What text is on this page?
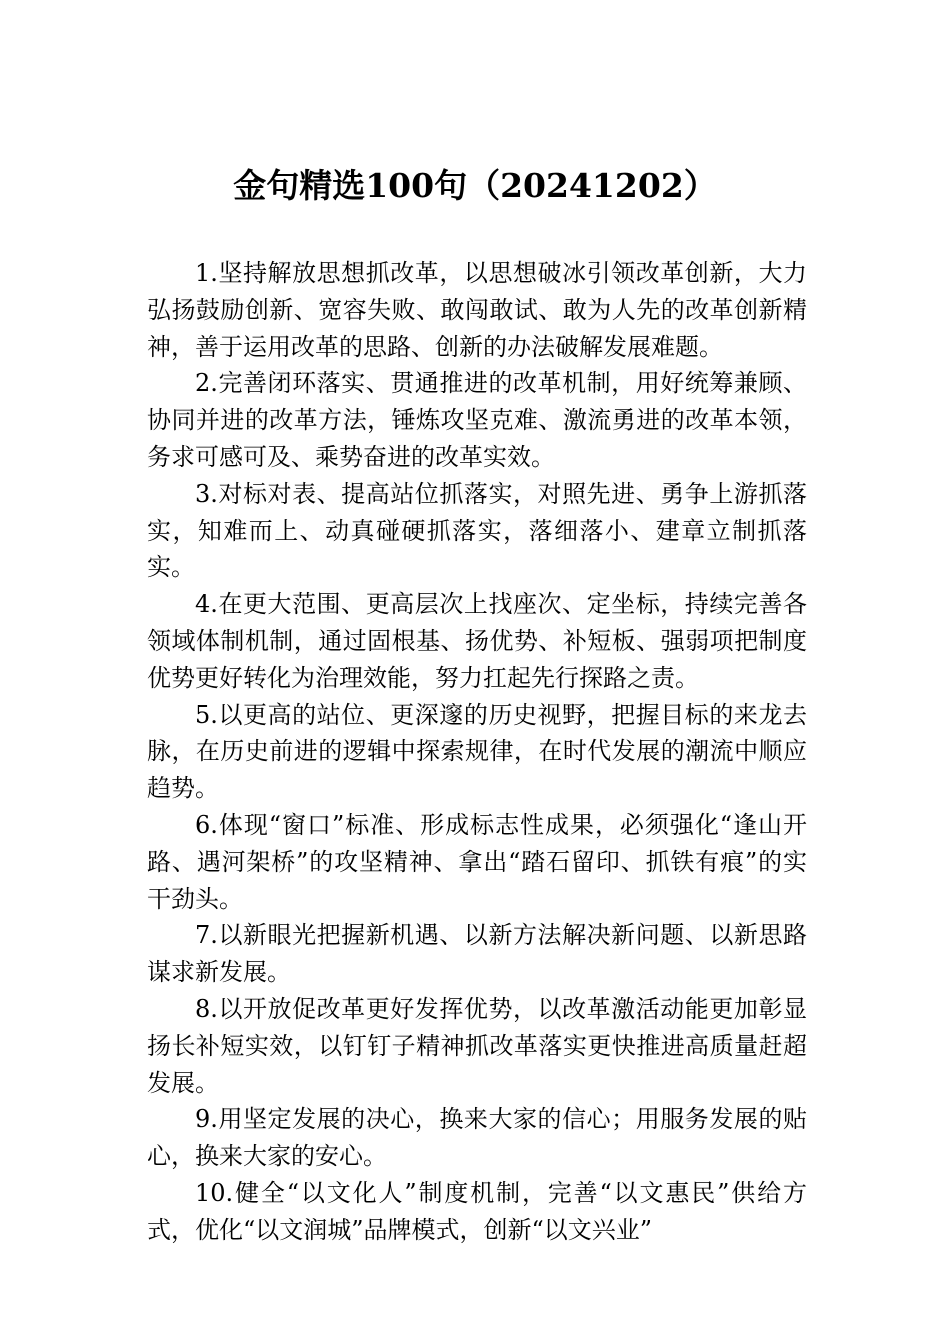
金句精选100句（20241202）

1.坚持解放思想抓改革，以思想破冰引领改革创新，大力弘扬鼓励创新、宽容失败、敢闯敢试、敢为人先的改革创新精神，善于运用改革的思路、创新的办法破解发展难题。

2.完善闭环落实、贯通推进的改革机制，用好统筹兼顾、协同并进的改革方法，锤炼攻坚克难、激流勇进的改革本领，务求可感可及、乘势奋进的改革实效。

3.对标对表、提高站位抓落实，对照先进、勇争上游抓落实，知难而上、动真碰硬抓落实，落细落小、建章立制抓落实。

4.在更大范围、更高层次上找座次、定坐标，持续完善各领域体制机制，通过固根基、扬优势、补短板、强弱项把制度优势更好转化为治理效能，努力扛起先行探路之责。

5.以更高的站位、更深邃的历史视野，把握目标的来龙去脉，在历史前进的逻辑中探索规律，在时代发展的潮流中顺应趋势。

6.体现“窗口”标准、形成标志性成果，必须强化“逢山开路、遇河架桥”的攻坚精神、拿出“踏石留印、抓铁有痕”的实干劲头。

7.以新眼光把握新机遇、以新方法解决新问题、以新思路谋求新发展。

8.以开放促改革更好发挥优势，以改革激活动能更加彰显扬长补短实效，以钉钉子精神抓改革落实更快推进高质量赶超发展。

9.用坚定发展的决心，换来大家的信心；用服务发展的贴心，换来大家的安心。

10.健全“以文化人”制度机制，完善“以文惠民”供给方式，优化“以文润城”品牌模式，创新“以文兴业”
